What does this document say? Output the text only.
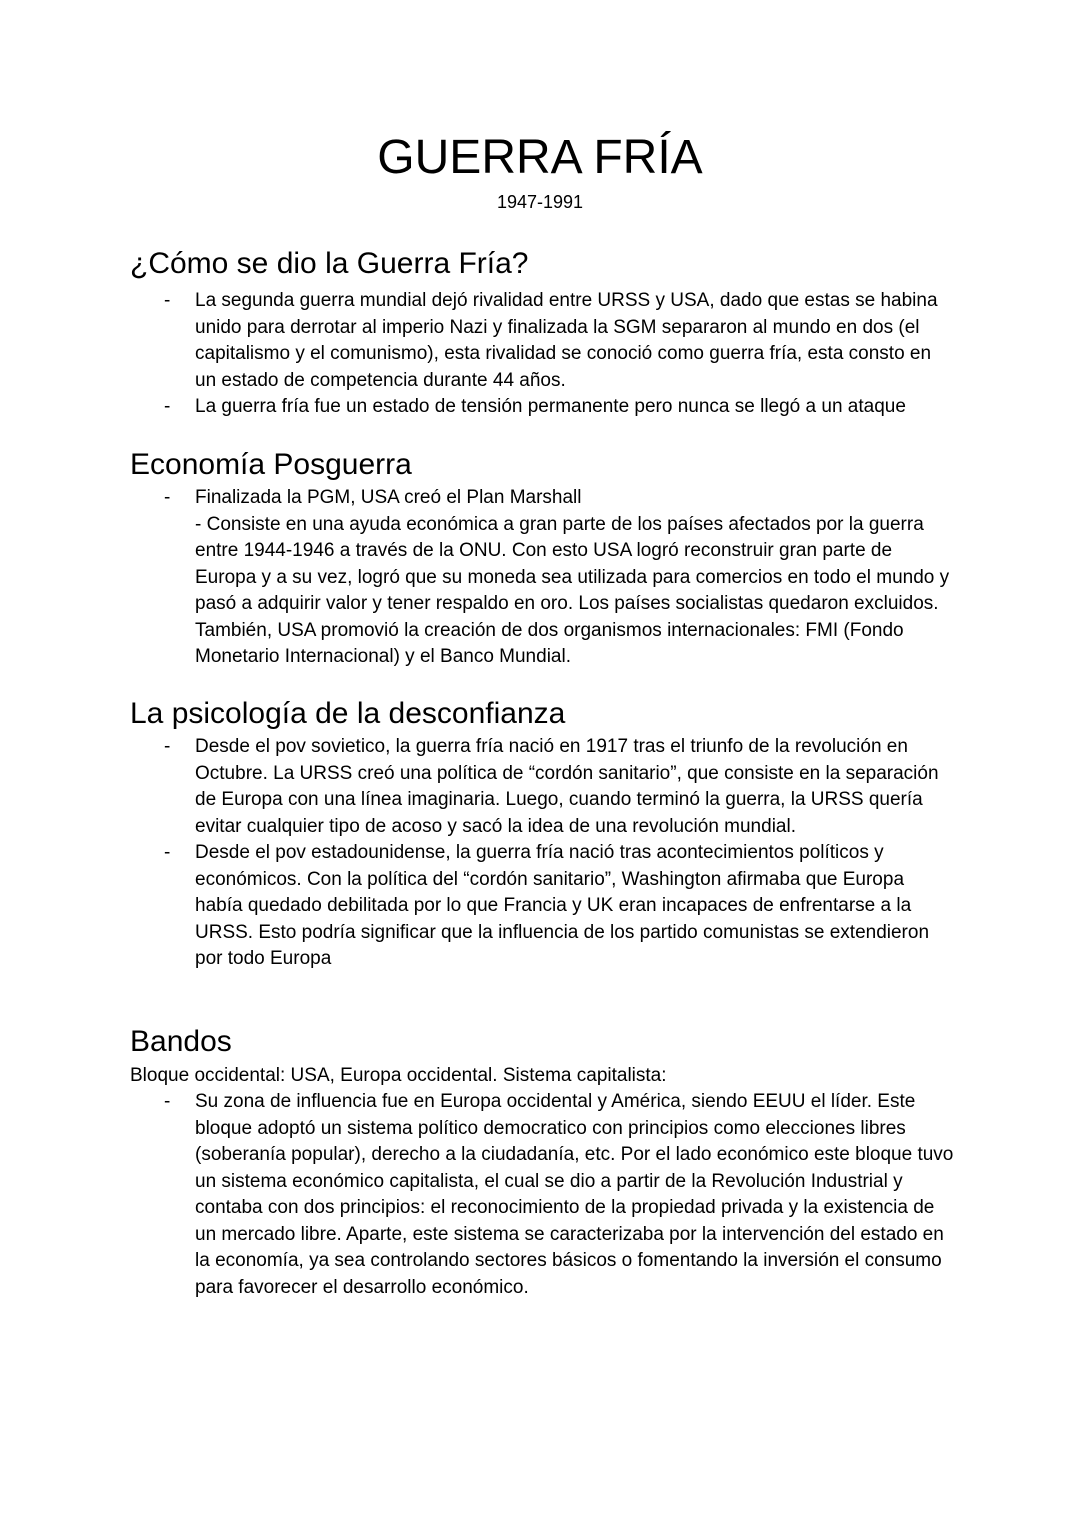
GUERRA FRÍA
1947-1991
¿Cómo se dio la Guerra Fría?
- La segunda guerra mundial dejó rivalidad entre URSS y USA, dado que estas se habina unido para derrotar al imperio Nazi y finalizada la SGM separaron al mundo en dos (el capitalismo y el comunismo), esta rivalidad se conoció como guerra fría, esta consto en un estado de competencia durante 44 años.
- La guerra fría fue un estado de tensión permanente pero nunca se llegó a un ataque
Economía Posguerra
- Finalizada la PGM, USA creó el Plan Marshall
- Consiste en una ayuda económica a gran parte de los países afectados por la guerra entre 1944-1946 a través de la ONU. Con esto USA logró reconstruir gran parte de Europa y a su vez, logró que su moneda sea utilizada para comercios en todo el mundo y pasó a adquirir valor y tener respaldo en oro. Los países socialistas quedaron excluidos. También, USA promovió la creación de dos organismos internacionales: FMI (Fondo Monetario Internacional) y el Banco Mundial.
La psicología de la desconfianza
- Desde el pov sovietico, la guerra fría nació en 1917 tras el triunfo de la revolución en Octubre. La URSS creó una política de “cordón sanitario”, que consiste en la separación de Europa con una línea imaginaria. Luego, cuando terminó la guerra, la URSS quería evitar cualquier tipo de acoso y sacó la idea de una revolución mundial.
- Desde el pov estadounidense, la guerra fría nació tras acontecimientos políticos y económicos. Con la política del “cordón sanitario”, Washington afirmaba que Europa había quedado debilitada por lo que Francia y UK eran incapaces de enfrentarse a la URSS. Esto podría significar que la influencia de los partido comunistas se extendieron por todo Europa
Bandos
Bloque occidental: USA, Europa occidental. Sistema capitalista:
- Su zona de influencia fue en Europa occidental y América, siendo EEUU el líder. Este bloque adoptó un sistema político democratico con principios como elecciones libres (soberanía popular), derecho a la ciudadanía, etc. Por el lado económico este bloque tuvo un sistema económico capitalista, el cual se dio a partir de la Revolución Industrial y contaba con dos principios: el reconocimiento de la propiedad privada y la existencia de un mercado libre. Aparte, este sistema se caracterizaba por la intervención del estado en la economía, ya sea controlando sectores básicos o fomentando la inversión el consumo para favorecer el desarrollo económico.
